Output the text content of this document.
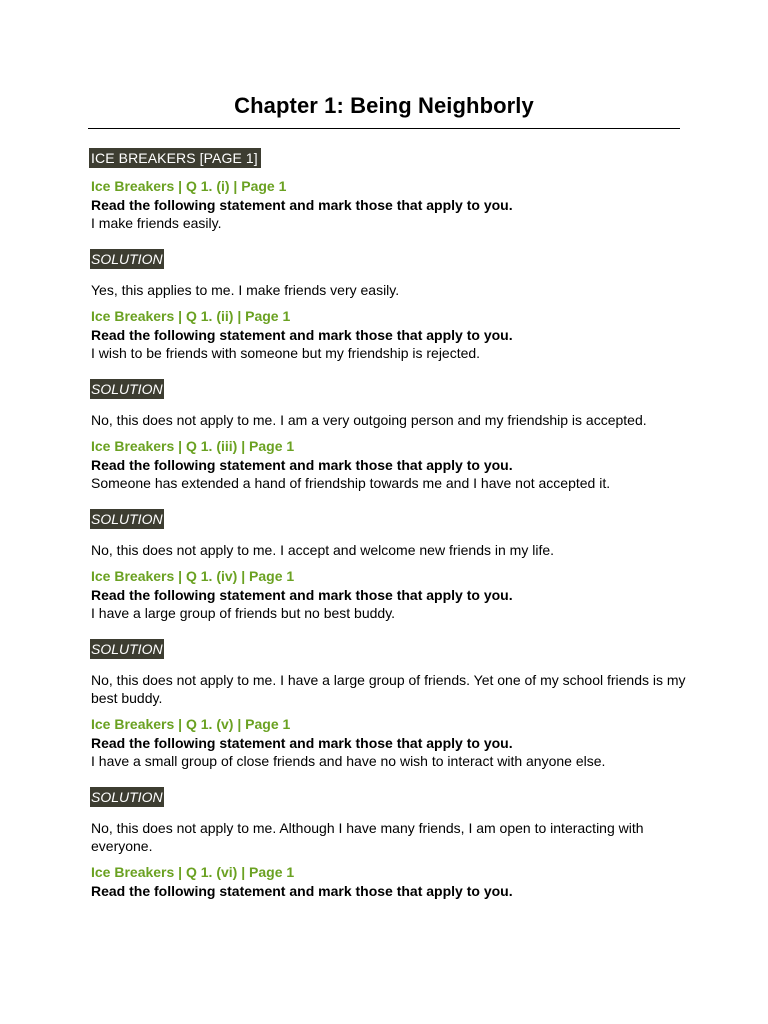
Chapter 1: Being Neighborly
ICE BREAKERS [PAGE 1]
Ice Breakers | Q 1. (i) | Page 1
Read the following statement and mark those that apply to you.
I make friends easily.
SOLUTION
Yes, this applies to me. I make friends very easily.
Ice Breakers | Q 1. (ii) | Page 1
Read the following statement and mark those that apply to you.
I wish to be friends with someone but my friendship is rejected.
SOLUTION
No, this does not apply to me. I am a very outgoing person and my friendship is accepted.
Ice Breakers | Q 1. (iii) | Page 1
Read the following statement and mark those that apply to you.
Someone has extended a hand of friendship towards me and I have not accepted it.
SOLUTION
No, this does not apply to me. I accept and welcome new friends in my life.
Ice Breakers | Q 1. (iv) | Page 1
Read the following statement and mark those that apply to you.
I have a large group of friends but no best buddy.
SOLUTION
No, this does not apply to me. I have a large group of friends. Yet one of my school friends is my best buddy.
Ice Breakers | Q 1. (v) | Page 1
Read the following statement and mark those that apply to you.
I have a small group of close friends and have no wish to interact with anyone else.
SOLUTION
No, this does not apply to me. Although I have many friends, I am open to interacting with everyone.
Ice Breakers | Q 1. (vi) | Page 1
Read the following statement and mark those that apply to you.
